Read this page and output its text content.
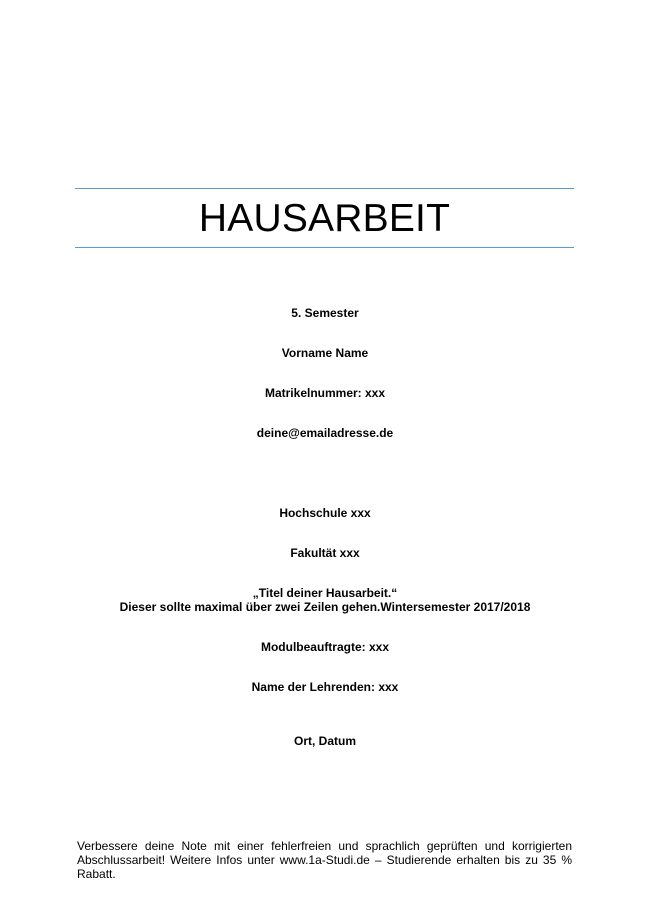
HAUSARBEIT
5. Semester
Vorname Name
Matrikelnummer: xxx
deine@emailadresse.de
Hochschule xxx
Fakultät xxx
„Titel deiner Hausarbeit.“
Dieser sollte maximal über zwei Zeilen gehen.Wintersemester 2017/2018
Modulbeauftragte: xxx
Name der Lehrenden: xxx
Ort, Datum
Verbessere deine Note mit einer fehlerfreien und sprachlich geprüften und korrigierten Abschlussarbeit! Weitere Infos unter www.1a-Studi.de – Studierende erhalten bis zu 35 % Rabatt.
